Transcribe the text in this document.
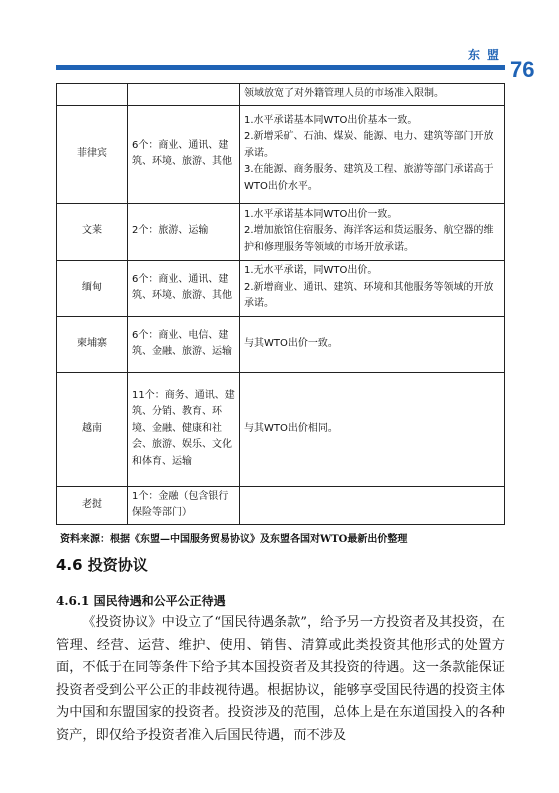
东盟
76

		领域放宽了对外籍管理人员的市场准入限制。

菲律宾	6个：商业、通讯、建筑、环境、旅游、其他	1.水平承诺基本同WTO出价基本一致。
2.新增采矿、石油、煤炭、能源、电力、建筑等部门开放承诺。
3.在能源、商务服务、建筑及工程、旅游等部门承诺高于WTO出价水平。

文莱	2个：旅游、运输	1.水平承诺基本同WTO出价一致。
2.增加旅馆住宿服务、海洋客运和货运服务、航空器的维护和修理服务等领域的市场开放承诺。

缅甸	6个：商业、通讯、建筑、环境、旅游、其他	1.无水平承诺，同WTO出价。
2.新增商业、通讯、建筑、环境和其他服务等领域的开放承诺。

柬埔寨	6个：商业、电信、建筑、金融、旅游、运输	与其WTO出价一致。

越南	11个：商务、通讯、建筑、分销、教育、环境、金融、健康和社会、旅游、娱乐、文化和体育、运输	与其WTO出价相同。

老挝	1个：金融（包含银行保险等部门）	
资料来源：根据《东盟—中国服务贸易协议》及东盟各国对WTO最新出价整理
4.6 投资协议
4.6.1 国民待遇和公平公正待遇
《投资协议》中设立了“国民待遇条款”，给予另一方投资者及其投资，在管理、经营、运营、维护、使用、销售、清算或此类投资其他形式的处置方面，不低于在同等条件下给予其本国投资者及其投资的待遇。这一条款能保证投资者受到公平公正的非歧视待遇。根据协议，能够享受国民待遇的投资主体为中国和东盟国家的投资者。投资涉及的范围，总体上是在东道国投入的各种资产，即仅给予投资者准入后国民待遇，而不涉及
